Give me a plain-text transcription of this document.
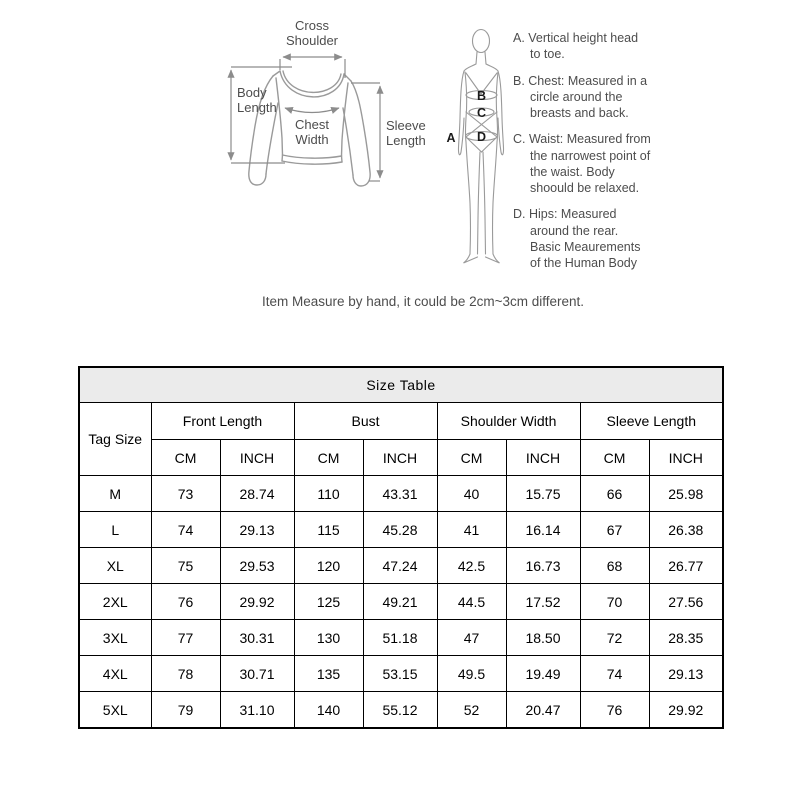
Cross
Shoulder
Body
Length
Chest
Width
Sleeve
Length A
B
C
D

A. Vertical height head to toe.

B. Chest: Measured in a circle around the breasts and back.

C. Waist: Measured from the narrowest point of the waist. Body shoould be relaxed.

D. Hips: Measured around the rear. Basic Meaurements of the Human Body

Item Measure by hand, it could be 2cm~3cm different.
Size Table								
Tag Size	Front Length		Bust		Shoulder Width		Sleeve Length	
	CM	INCH	CM	INCH	CM	INCH	CM	INCH
M	73	28.74	110	43.31	40	15.75	66	25.98
L	74	29.13	115	45.28	41	16.14	67	26.38
XL	75	29.53	120	47.24	42.5	16.73	68	26.77
2XL	76	29.92	125	49.21	44.5	17.52	70	27.56
3XL	77	30.31	130	51.18	47	18.50	72	28.35
4XL	78	30.71	135	53.15	49.5	19.49	74	29.13
5XL	79	31.10	140	55.12	52	20.47	76	29.92
